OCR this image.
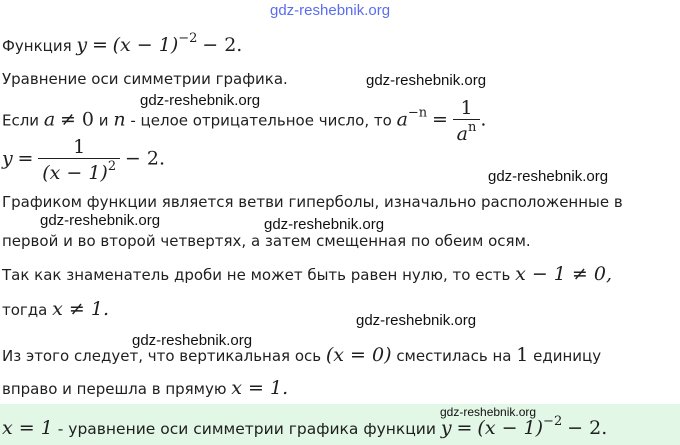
gdz-reshebnik.org
Функция y = (x − 1)−2 − 2.
Уравнение оси симметрии графика.	gdz-reshebnik.org
gdz-reshebnik.org
Если a ≠ 0 и n - целое отрицательное число, то $a-n = \frac{1}{a^n}$ .
$y = \frac{1}{(x - 1)^2} - 2$.
gdz-reshebnik.org
Графиком функции является ветви гиперболы, изначально расположенные в
gdz-reshebnik.org	gdz-reshebnik.org
первой и во второй четвертях, а затем смещенная по обеим осям.
Так как знаменатель дроби не может быть равен нулю, то есть x − 1 ≠ 0,
тогда x ≠ 1.
gdz-reshebnik.org
gdz-reshebnik.org
Из этого следует, что вертикальная ось (x = 0) сместилась на 1 единицу
вправо и перешла в прямую x = 1.
gdz-reshebnik.org
x = 1 - уравнение оси симметрии графика функции $y = (x - 1)^{-2} - 2$.
